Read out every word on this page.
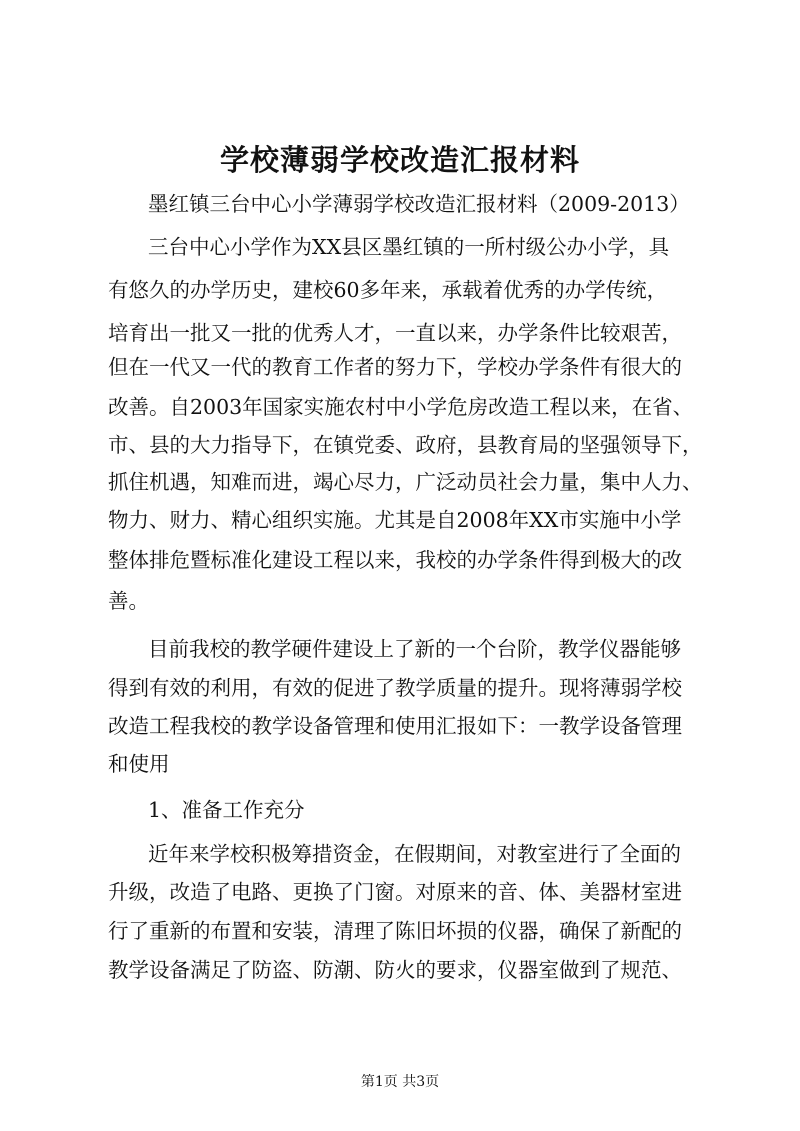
学校薄弱学校改造汇报材料
墨红镇三台中心小学薄弱学校改造汇报材料（2009-2013）
三台中心小学作为XX县区墨红镇的一所村级公办小学，具
有悠久的办学历史，建校60多年来，承载着优秀的办学传统，
培育出一批又一批的优秀人才，一直以来，办学条件比较艰苦，
但在一代又一代的教育工作者的努力下，学校办学条件有很大的
改善。自2003年国家实施农村中小学危房改造工程以来，在省、
市、县的大力指导下，在镇党委、政府，县教育局的坚强领导下，
抓住机遇，知难而进，竭心尽力，广泛动员社会力量，集中人力、
物力、财力、精心组织实施。尤其是自2008年XX市实施中小学
整体排危暨标准化建设工程以来，我校的办学条件得到极大的改
善。
目前我校的教学硬件建设上了新的一个台阶，教学仪器能够
得到有效的利用，有效的促进了教学质量的提升。现将薄弱学校
改造工程我校的教学设备管理和使用汇报如下：一教学设备管理
和使用
1、准备工作充分
近年来学校积极筹措资金，在假期间，对教室进行了全面的
升级，改造了电路、更换了门窗。对原来的音、体、美器材室进
行了重新的布置和安装，清理了陈旧坏损的仪器，确保了新配的
教学设备满足了防盗、防潮、防火的要求，仪器室做到了规范、
第1页 共3页
